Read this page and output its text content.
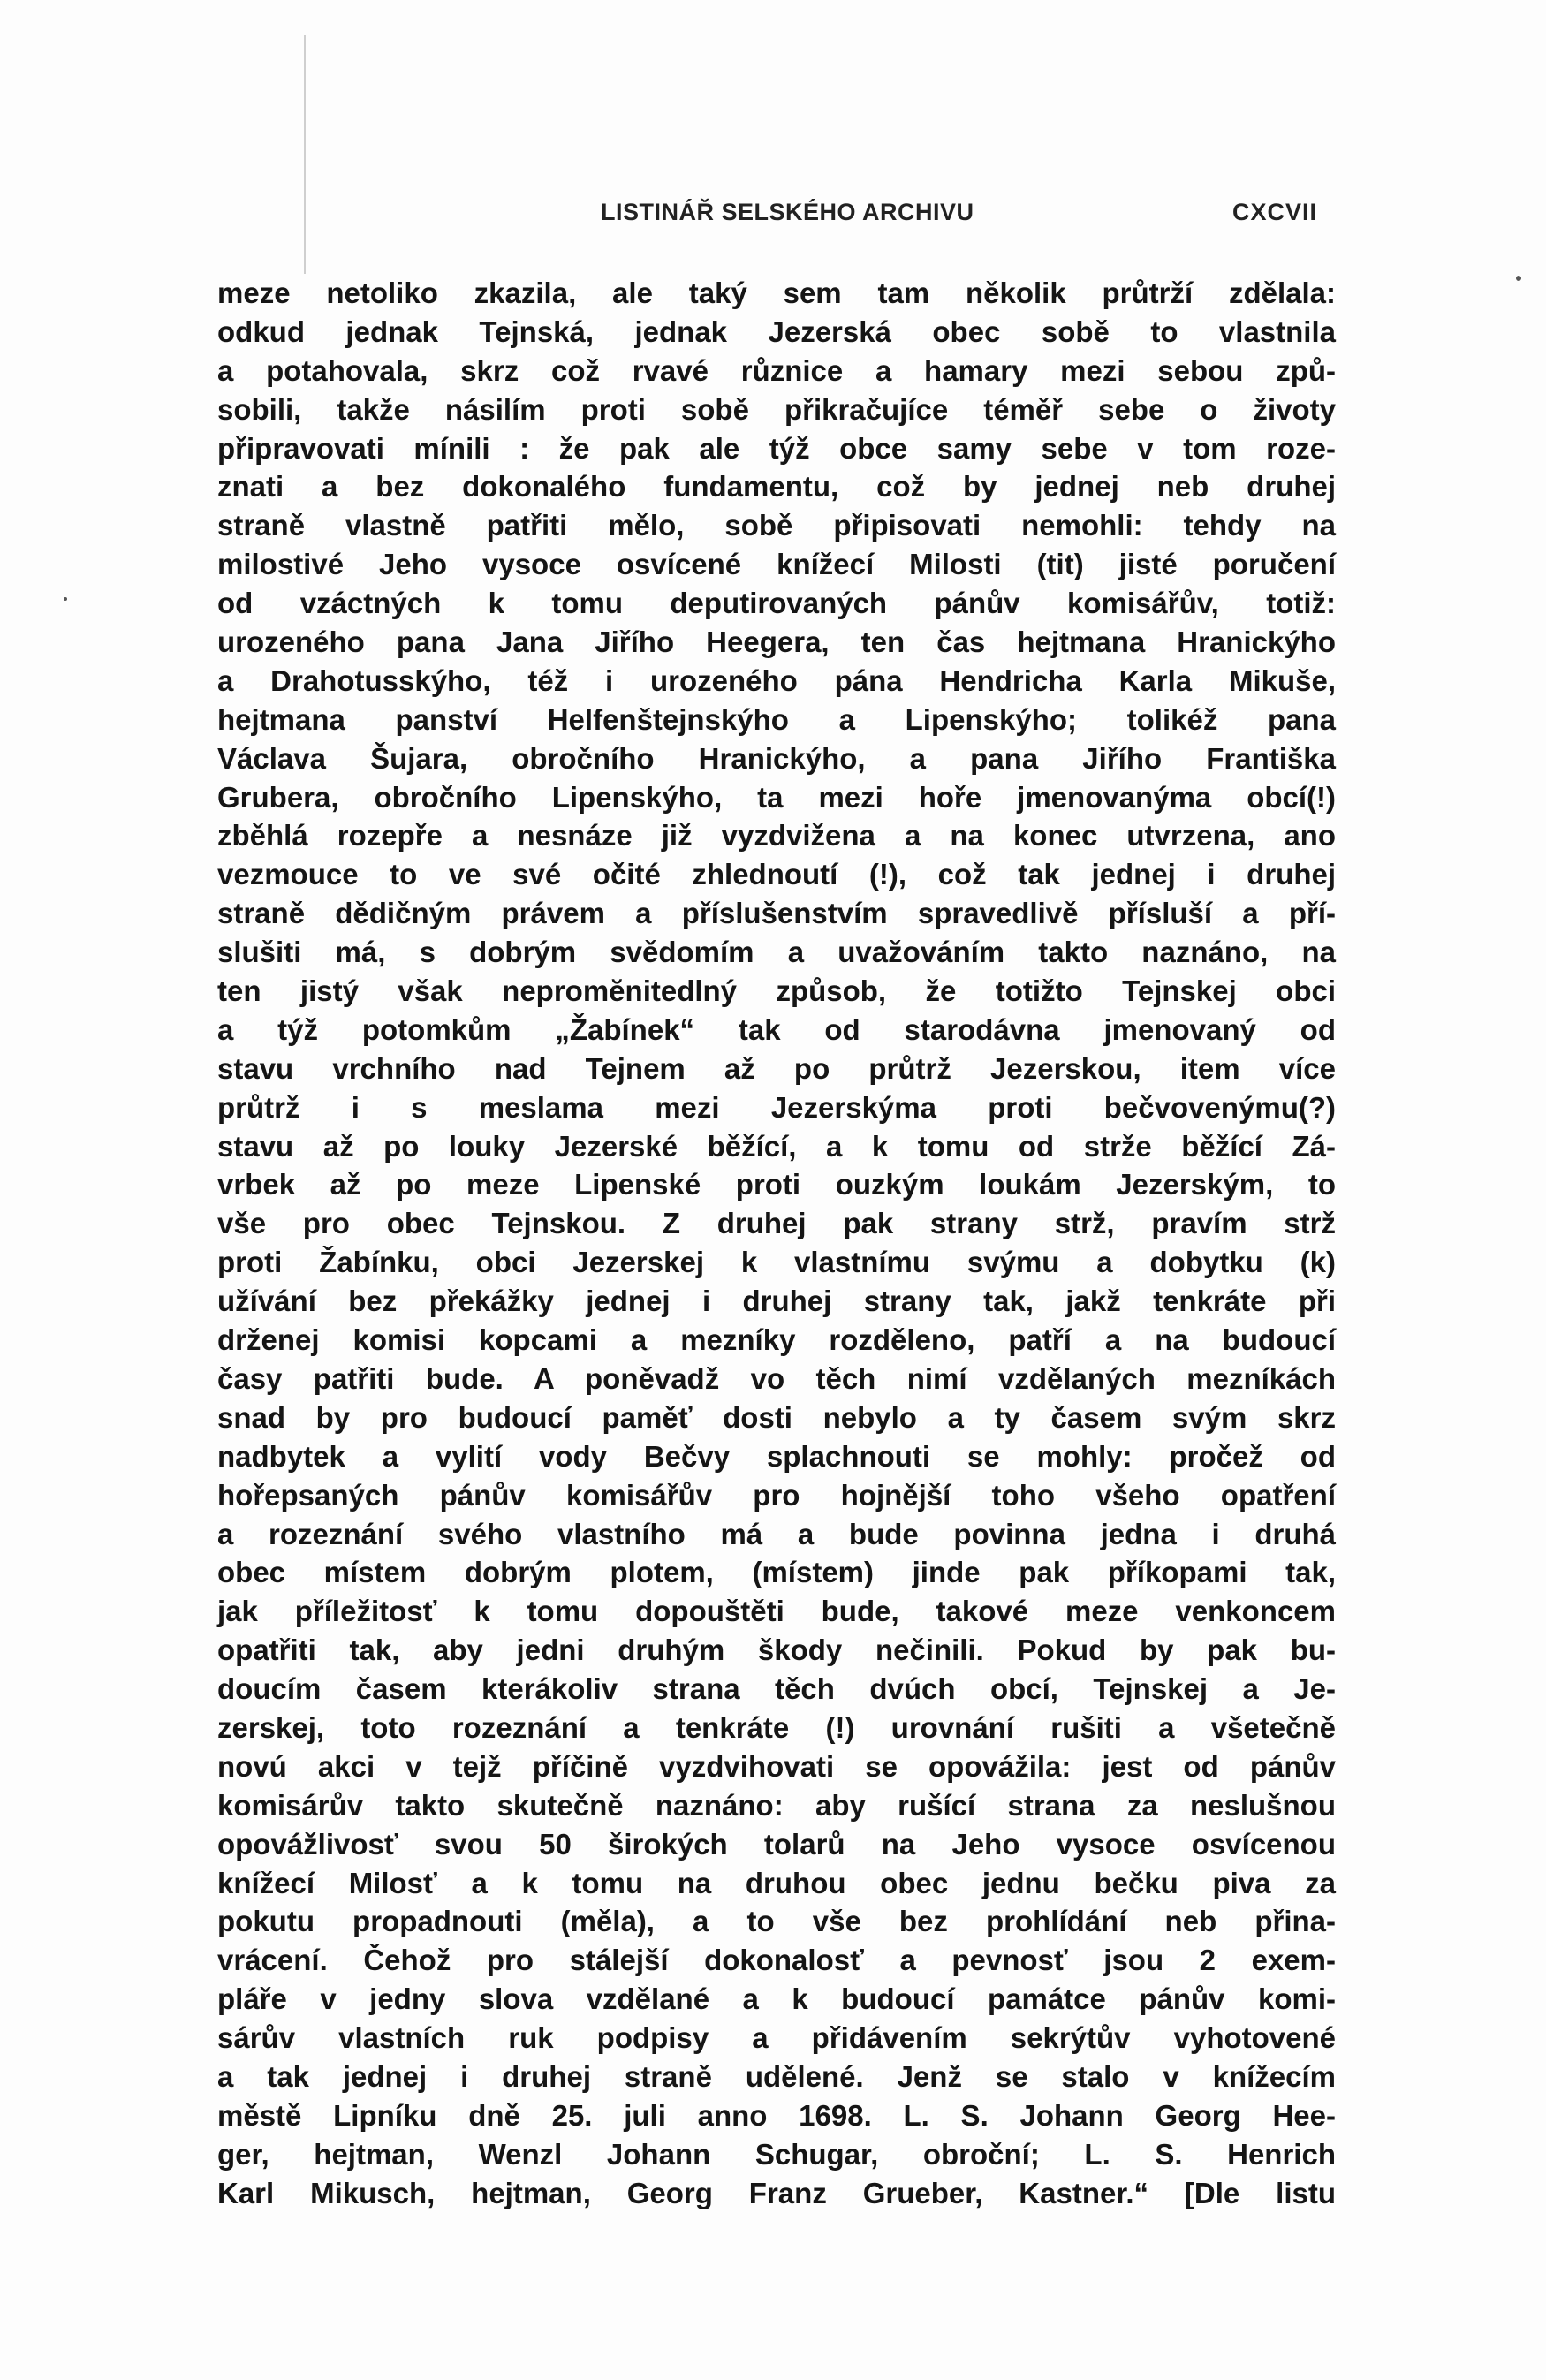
LISTINÁŘ SELSKÉHO ARCHIVU	CXCVII
meze netoliko zkazila, ale taký sem tam několik průtrží zdělala:
odkud jednak Tejnská, jednak Jezerská obec sobě to vlastnila
a potahovala, skrz což rvavé různice a hamary mezi sebou způ-
sobili, takže násilím proti sobě přikračujíce téměř sebe o životy
připravovati mínili : že pak ale týž obce samy sebe v tom roze-
znati a bez dokonalého fundamentu, což by jednej neb druhej
straně vlastně patřiti mělo, sobě připisovati nemohli: tehdy na
milostivé Jeho vysoce osvícené knížecí Milosti (tit) jisté poručení
od vzáctných k tomu deputirovaných pánův komisářův, totiž:
urozeného pana Jana Jiřího Heegera, ten čas hejtmana Hranickýho
a Drahotusskýho, též i urozeného pána Hendricha Karla Mikuše,
hejtmana panství Helfenštejnskýho a Lipenskýho; tolikéž pana
Václava Šujara, obročního Hranickýho, a pana Jiřího Františka
Grubera, obročního Lipenskýho, ta mezi hoře jmenovanýma obcí(!)
zběhlá rozepře a nesnáze již vyzdvižena a na konec utvrzena, ano
vezmouce to ve své očité zhlednoutí (!), což tak jednej i druhej
straně dědičným právem a příslušenstvím spravedlivě přísluší a pří-
slušiti má, s dobrým svědomím a uvažováním takto naznáno, na
ten jistý však nepromĕnitedlný způsob, že totižto Tejnskej obci
a týž potomkům „Žabínek“ tak od starodávna jmenovaný od
stavu vrchního nad Tejnem až po průtrž Jezerskou, item více
průtrž i s meslama mezi Jezerskýma proti bečvovenýmu(?)
stavu až po louky Jezerské běžící, a k tomu od strže běžící Zá-
vrbek až po meze Lipenské proti ouzkým loukám Jezerským, to
vše pro obec Tejnskou. Z druhej pak strany strž, pravím strž
proti Žabínku, obci Jezerskej k vlastnímu svýmu a dobytku (k)
užívání bez překážky jednej i druhej strany tak, jakž tenkráte při
drženej komisi kopcami a mezníky rozděleno, patří a na budoucí
časy patřiti bude. A poněvadž vo těch nimí vzdělaných mezníkách
snad by pro budoucí paměť dosti nebylo a ty časem svým skrz
nadbytek a vylití vody Bečvy splachnouti se mohly: pročež od
hořepsaných pánův komisářův pro hojnější toho všeho opatření
a rozeznání svého vlastního má a bude povinna jedna i druhá
obec místem dobrým plotem, (místem) jinde pak příkopami tak,
jak příležitosť k tomu dopouštěti bude, takové meze venkoncem
opatřiti tak, aby jedni druhým škody nečinili. Pokud by pak bu-
doucím časem kterákoliv strana těch dvúch obcí, Tejnskej a Je-
zerskej, toto rozeznání a tenkráte (!) urovnání rušiti a všetečně
novú akci v tejž příčině vyzdvihovati se opovážila: jest od pánův
komisárův takto skutečně naznáno: aby rušící strana za neslušnou
opovážlivosť svou 50 širokých tolarů na Jeho vysoce osvícenou
knížecí Milosť a k tomu na druhou obec jednu bečku piva za
pokutu propadnouti (měla), a to vše bez prohlídání neb přina-
vrácení. Čehož pro stálejší dokonalosť a pevnosť jsou 2 exem-
pláře v jedny slova vzdělané a k budoucí památce pánův komi-
sárův vlastních ruk podpisy a přidávením sekrýtův vyhotovené
a tak jednej i druhej straně udělené. Jenž se stalo v knížecím
městě Lipníku dně 25. juli anno 1698. L. S. Johann Georg Hee-
ger, hejtman, Wenzl Johann Schugar, obroční; L. S. Henrich
Karl Mikusch, hejtman, Georg Franz Grueber, Kastner.“ [Dle listu
